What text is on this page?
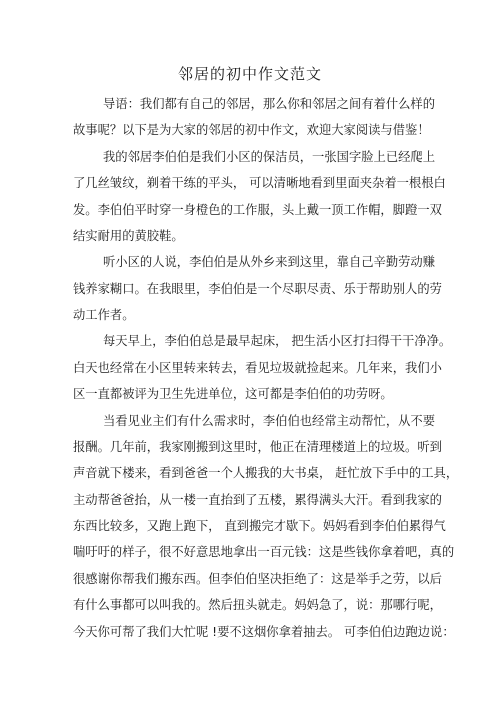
邻居的初中作文范文
导语：我们都有自己的邻居，那么你和邻居之间有着什么样的
故事呢？以下是为大家的邻居的初中作文，欢迎大家阅读与借鉴！
我的邻居李伯伯是我们小区的保洁员，一张国字脸上已经爬上
了几丝皱纹，剃着干练的平头， 可以清晰地看到里面夹杂着一根根白
发。李伯伯平时穿一身橙色的工作服，头上戴一顶工作帽，脚蹬一双
结实耐用的黄胶鞋。
听小区的人说，李伯伯是从外乡来到这里，靠自己辛勤劳动赚
钱养家糊口。在我眼里，李伯伯是一个尽职尽责、乐于帮助别人的劳
动工作者。
每天早上，李伯伯总是最早起床， 把生活小区打扫得干干净净。
白天也经常在小区里转来转去，看见垃圾就捡起来。几年来，我们小
区一直都被评为卫生先进单位，这可都是李伯伯的功劳呀。
当看见业主们有什么需求时，李伯伯也经常主动帮忙，从不要
报酬。几年前，我家刚搬到这里时，他正在清理楼道上的垃圾。听到
声音就下楼来，看到爸爸一个人搬我的大书桌， 赶忙放下手中的工具，
主动帮爸爸抬，从一楼一直抬到了五楼，累得满头大汗。看到我家的
东西比较多，又跑上跑下， 直到搬完才歇下。妈妈看到李伯伯累得气
喘吁吁的样子，很不好意思地拿出一百元钱：这是些钱你拿着吧，真的
很感谢你帮我们搬东西。但李伯伯坚决拒绝了：这是举手之劳，以后
有什么事都可以叫我的。然后扭头就走。妈妈急了，说：那哪行呢，
今天你可帮了我们大忙呢 !要不这烟你拿着抽去。 可李伯伯边跑边说：
